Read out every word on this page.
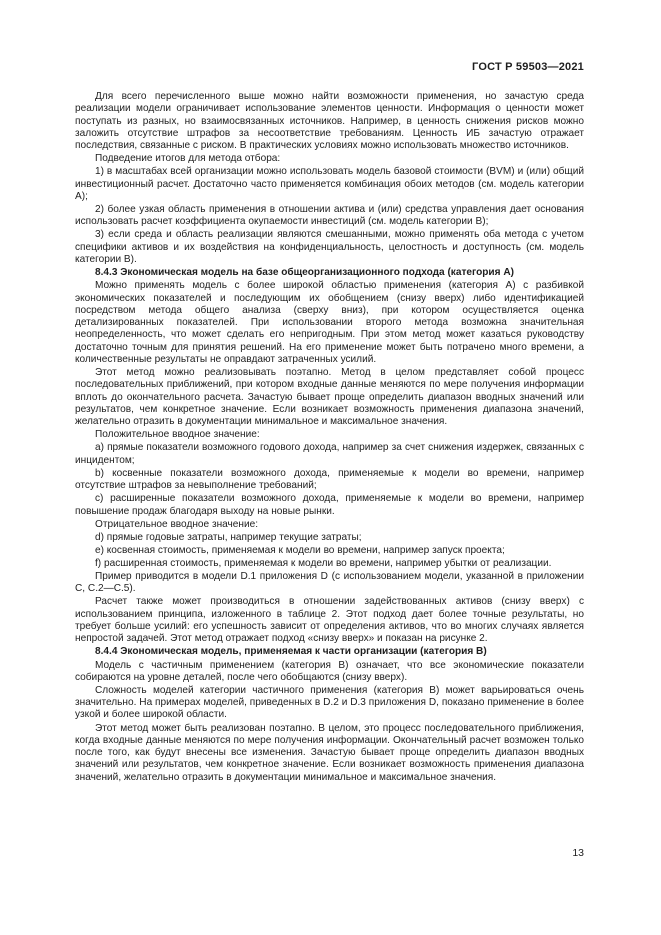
ГОСТ Р 59503—2021

Для всего перечисленного выше можно найти возможности применения, но зачастую среда реализации модели ограничивает использование элементов ценности. Информация о ценности может поступать из разных, но взаимосвязанных источников. Например, в ценность снижения рисков можно заложить отсутствие штрафов за несоответствие требованиям. Ценность ИБ зачастую отражает последствия, связанные с риском. В практических условиях можно использовать множество источников.

Подведение итогов для метода отбора:

1) в масштабах всей организации можно использовать модель базовой стоимости (BVM) и (или) общий инвестиционный расчет. Достаточно часто применяется комбинация обоих методов (см. модель категории А);

2) более узкая область применения в отношении актива и (или) средства управления дает основания использовать расчет коэффициента окупаемости инвестиций (см. модель категории В);

3) если среда и область реализации являются смешанными, можно применять оба метода с учетом специфики активов и их воздействия на конфиденциальность, целостность и доступность (см. модель категории В).

8.4.3 Экономическая модель на базе общеорганизационного подхода (категория А)

Можно применять модель с более широкой областью применения (категория А) с разбивкой экономических показателей и последующим их обобщением (снизу вверх) либо идентификацией посредством метода общего анализа (сверху вниз), при котором осуществляется оценка детализированных показателей. При использовании второго метода возможна значительная неопределенность, что может сделать его непригодным. При этом метод может казаться руководству достаточно точным для принятия решений. На его применение может быть потрачено много времени, а количественные результаты не оправдают затраченных усилий.

Этот метод можно реализовывать поэтапно. Метод в целом представляет собой процесс последовательных приближений, при котором входные данные меняются по мере получения информации вплоть до окончательного расчета. Зачастую бывает проще определить диапазон вводных значений или результатов, чем конкретное значение. Если возникает возможность применения диапазона значений, желательно отразить в документации минимальное и максимальное значения.

Положительное вводное значение:

a) прямые показатели возможного годового дохода, например за счет снижения издержек, связанных с инцидентом;

b) косвенные показатели возможного дохода, применяемые к модели во времени, например отсутствие штрафов за невыполнение требований;

c) расширенные показатели возможного дохода, применяемые к модели во времени, например повышение продаж благодаря выходу на новые рынки.

Отрицательное вводное значение:

d) прямые годовые затраты, например текущие затраты;

e) косвенная стоимость, применяемая к модели во времени, например запуск проекта;

f) расширенная стоимость, применяемая к модели во времени, например убытки от реализации.

Пример приводится в модели D.1 приложения D (с использованием модели, указанной в приложении С, С.2—С.5).

Расчет также может производиться в отношении задействованных активов (снизу вверх) с использованием принципа, изложенного в таблице 2. Этот подход дает более точные результаты, но требует больше усилий: его успешность зависит от определения активов, что во многих случаях является непростой задачей. Этот метод отражает подход «снизу вверх» и показан на рисунке 2.

8.4.4 Экономическая модель, применяемая к части организации (категория В)

Модель с частичным применением (категория В) означает, что все экономические показатели собираются на уровне деталей, после чего обобщаются (снизу вверх).

Сложность моделей категории частичного применения (категория В) может варьироваться очень значительно. На примерах моделей, приведенных в D.2 и D.3 приложения D, показано применение в более узкой и более широкой области.

Этот метод может быть реализован поэтапно. В целом, это процесс последовательного приближения, когда входные данные меняются по мере получения информации. Окончательный расчет возможен только после того, как будут внесены все изменения. Зачастую бывает проще определить диапазон вводных значений или результатов, чем конкретное значение. Если возникает возможность применения диапазона значений, желательно отразить в документации минимальное и максимальное значения.

13
